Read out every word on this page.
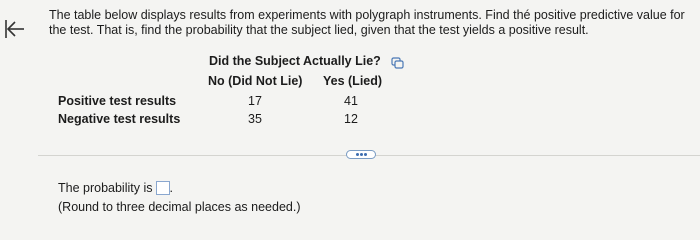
The table below displays results from experiments with polygraph instruments. Find thé positive predictive value for the test. That is, find the probability that the subject lied, given that the test yields a positive result.

Did the Subject Actually Lie?
No (Did Not Lie) Yes (Lied)
Positive test results	17	41
Negative test results	35	12
The probability is .
(Round to three decimal places as needed.)
